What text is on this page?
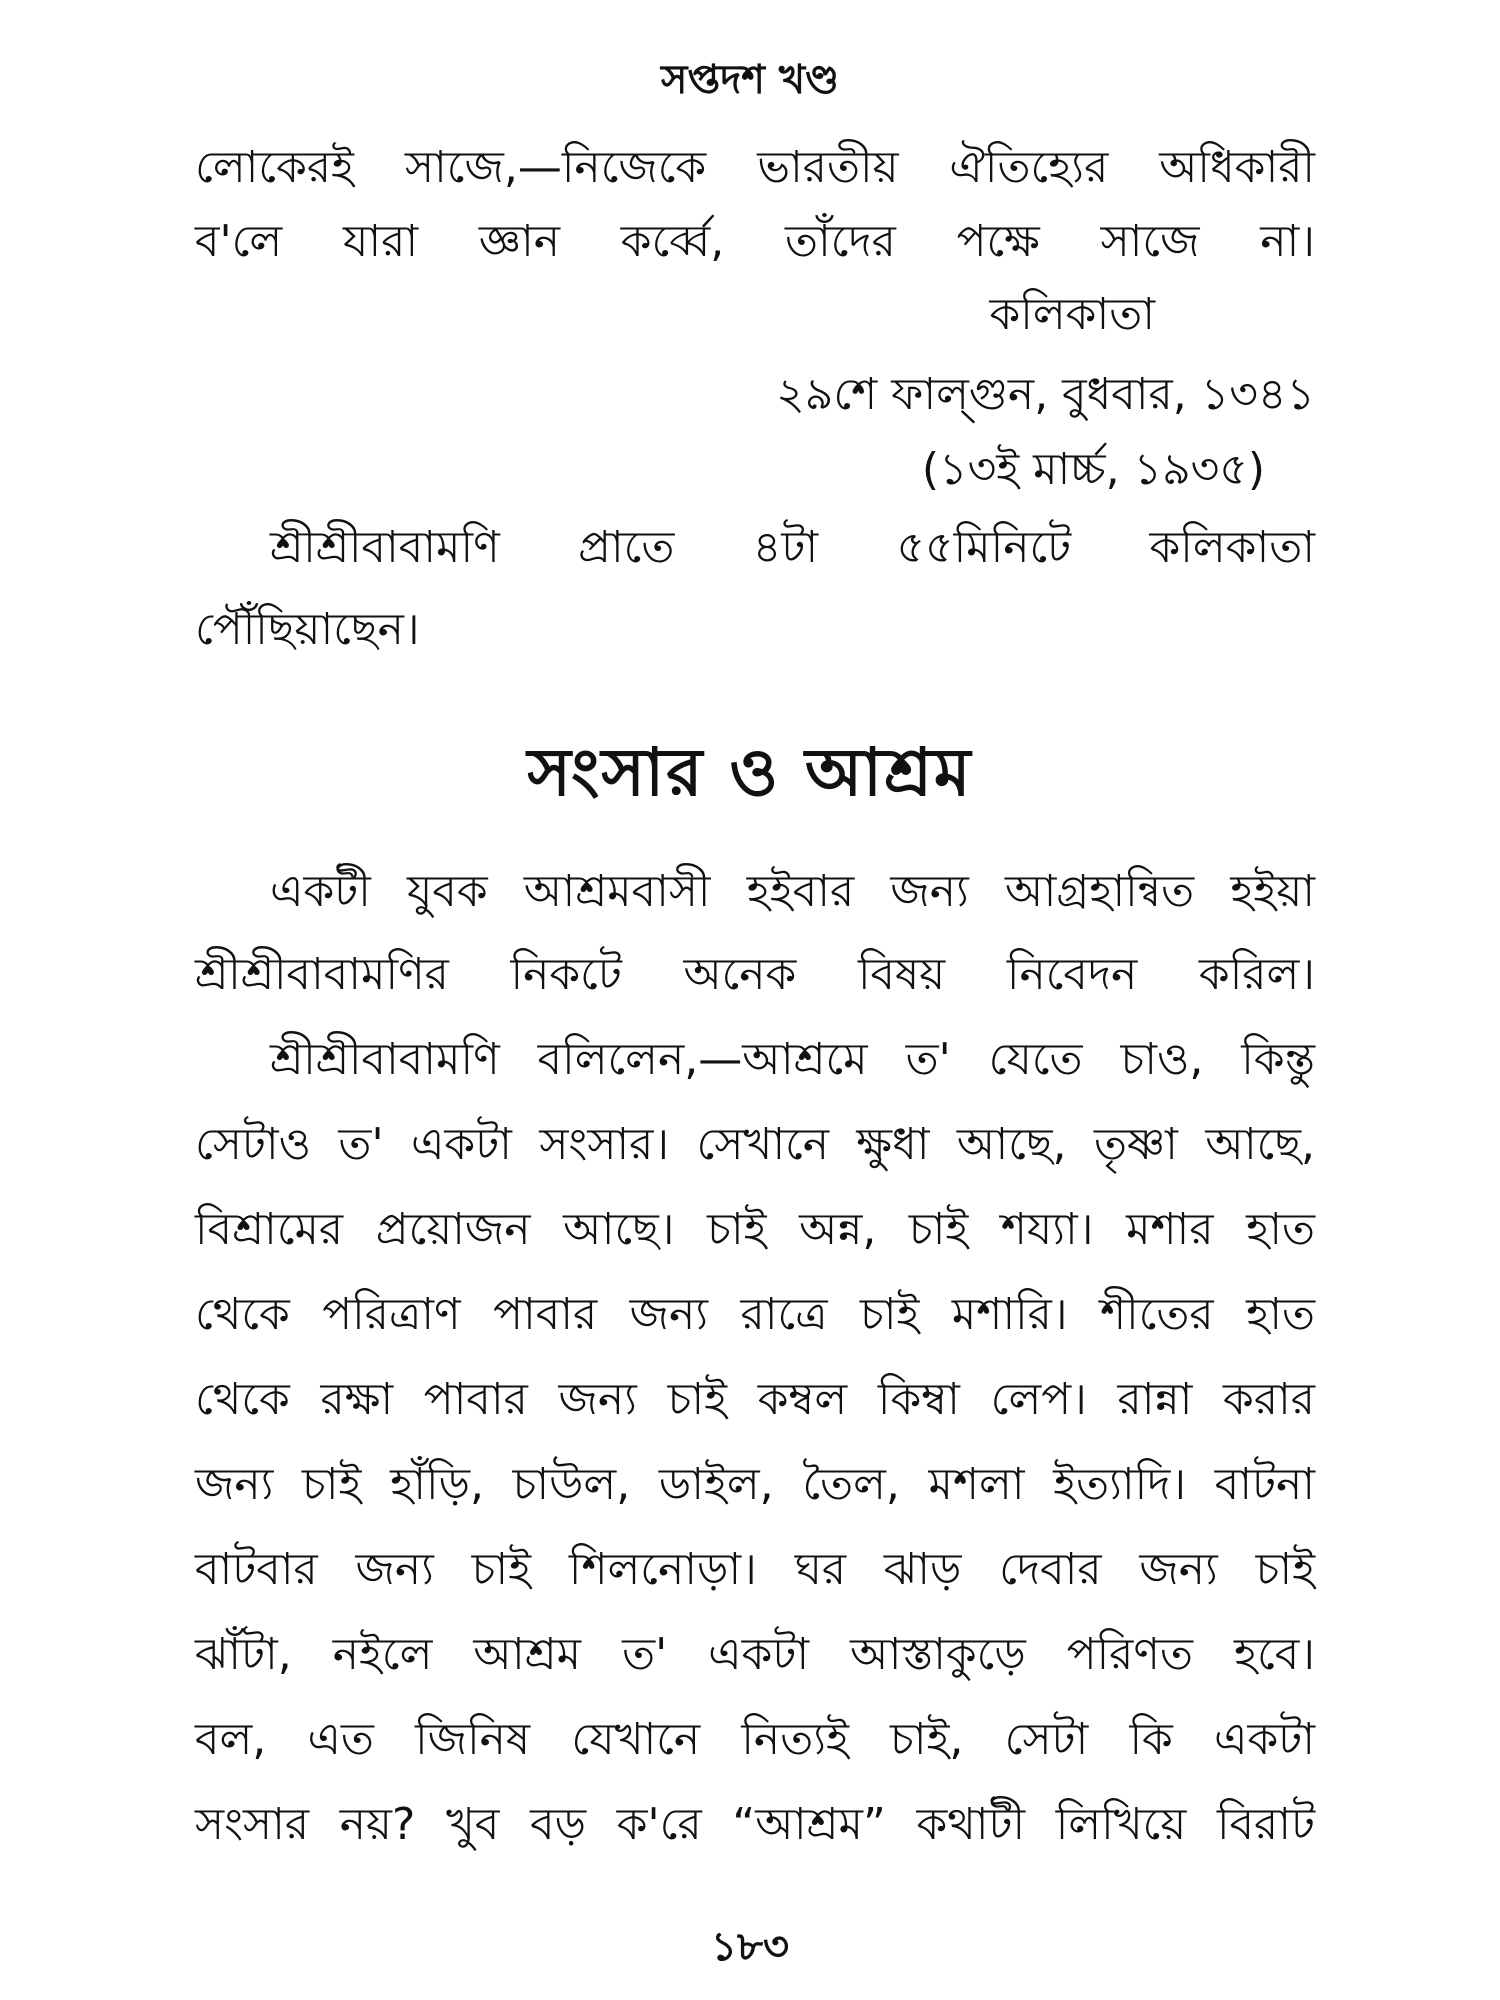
সপ্তদশ খণ্ড
লোকেরই সাজে,—নিজেকে ভারতীয় ঐতিহ্যের অধিকারী
ব'লে যারা জ্ঞান কর্ব্বে, তাঁদের পক্ষে সাজে না।
কলিকাতা
২৯শে ফাল্গুন, বুধবার, ১৩৪১
(১৩ই মার্চ্চ, ১৯৩৫)
শ্রীশ্রীবাবামণি প্রাতে ৪টা ৫৫মিনিটে কলিকাতা
পৌঁছিয়াছেন।
সংসার ও আশ্রম
একটী যুবক আশ্রমবাসী হইবার জন্য আগ্রহান্বিত হইয়া
শ্রীশ্রীবাবামণির নিকটে অনেক বিষয় নিবেদন করিল।
শ্রীশ্রীবাবামণি বলিলেন,—আশ্রমে ত' যেতে চাও, কিন্তু
সেটাও ত' একটা সংসার। সেখানে ক্ষুধা আছে, তৃষ্ণা আছে,
বিশ্রামের প্রয়োজন আছে। চাই অন্ন, চাই শয্যা। মশার হাত
থেকে পরিত্রাণ পাবার জন্য রাত্রে চাই মশারি। শীতের হাত
থেকে রক্ষা পাবার জন্য চাই কম্বল কিম্বা লেপ। রান্না করার
জন্য চাই হাঁড়ি, চাউল, ডাইল, তৈল, মশলা ইত্যাদি। বাটনা
বাটবার জন্য চাই শিলনোড়া। ঘর ঝাড় দেবার জন্য চাই
ঝাঁটা, নইলে আশ্রম ত' একটা আস্তাকুড়ে পরিণত হবে।
বল, এত জিনিষ যেখানে নিত্যই চাই, সেটা কি একটা
সংসার নয়? খুব বড় ক'রে “আশ্রম” কথাটী লিখিয়ে বিরাট
১৮৩
